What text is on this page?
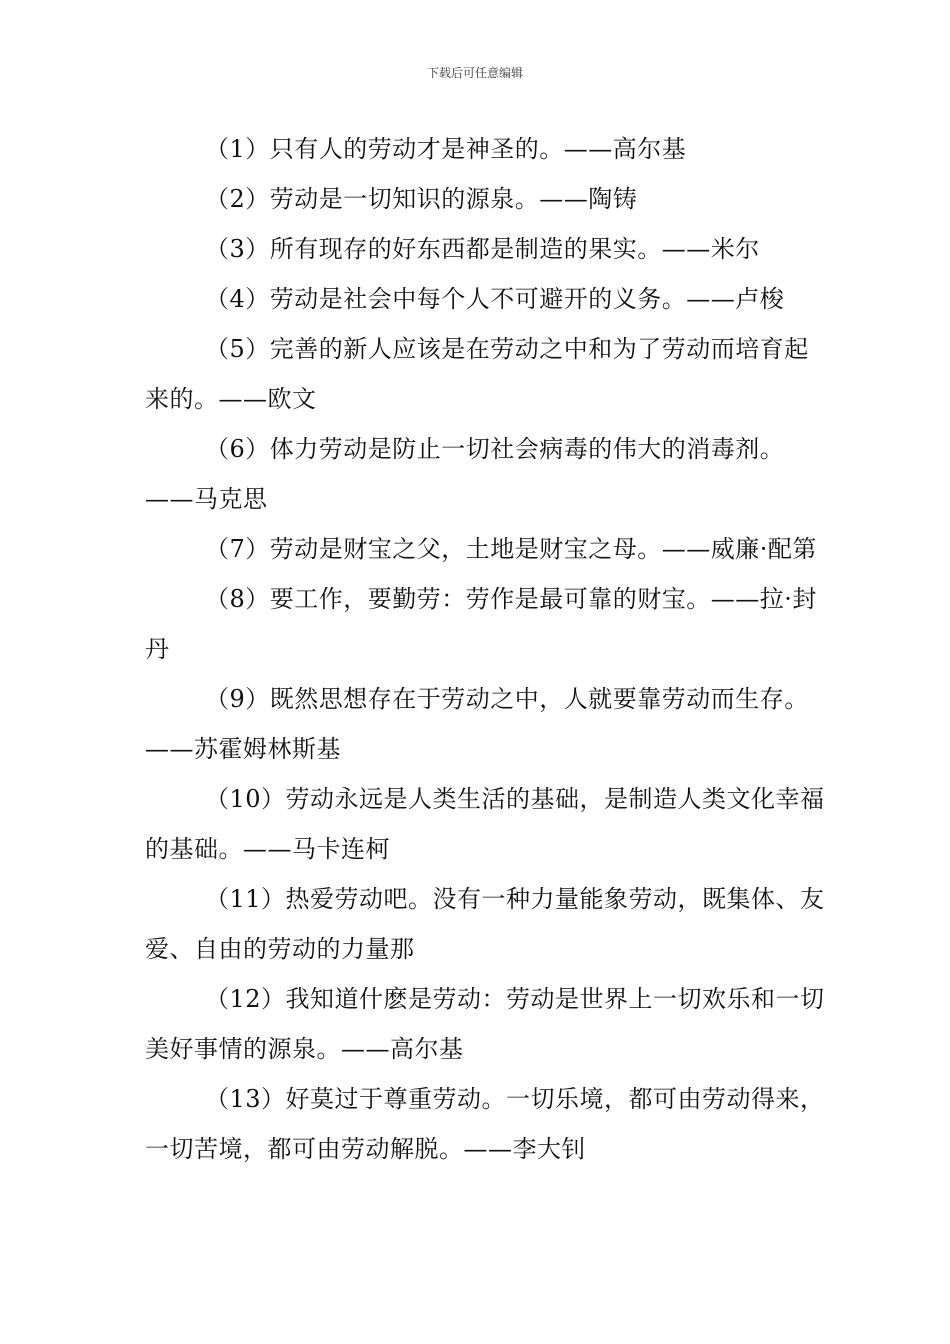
下载后可任意编辑

（1）只有人的劳动才是神圣的。——高尔基

（2）劳动是一切知识的源泉。——陶铸

（3）所有现存的好东西都是制造的果实。——米尔

（4）劳动是社会中每个人不可避开的义务。——卢梭

（5）完善的新人应该是在劳动之中和为了劳动而培育起来的。——欧文

（6）体力劳动是防止一切社会病毒的伟大的消毒剂。——马克思

（7）劳动是财宝之父，土地是财宝之母。——威廉·配第

（8）要工作，要勤劳：劳作是最可靠的财宝。——拉·封丹

（9）既然思想存在于劳动之中，人就要靠劳动而生存。——苏霍姆林斯基

（10）劳动永远是人类生活的基础，是制造人类文化幸福的基础。——马卡连柯

（11）热爱劳动吧。没有一种力量能象劳动，既集体、友爱、自由的劳动的力量那

（12）我知道什麽是劳动：劳动是世界上一切欢乐和一切美好事情的源泉。——高尔基

（13）好莫过于尊重劳动。一切乐境，都可由劳动得来，一切苦境，都可由劳动解脱。——李大钊
